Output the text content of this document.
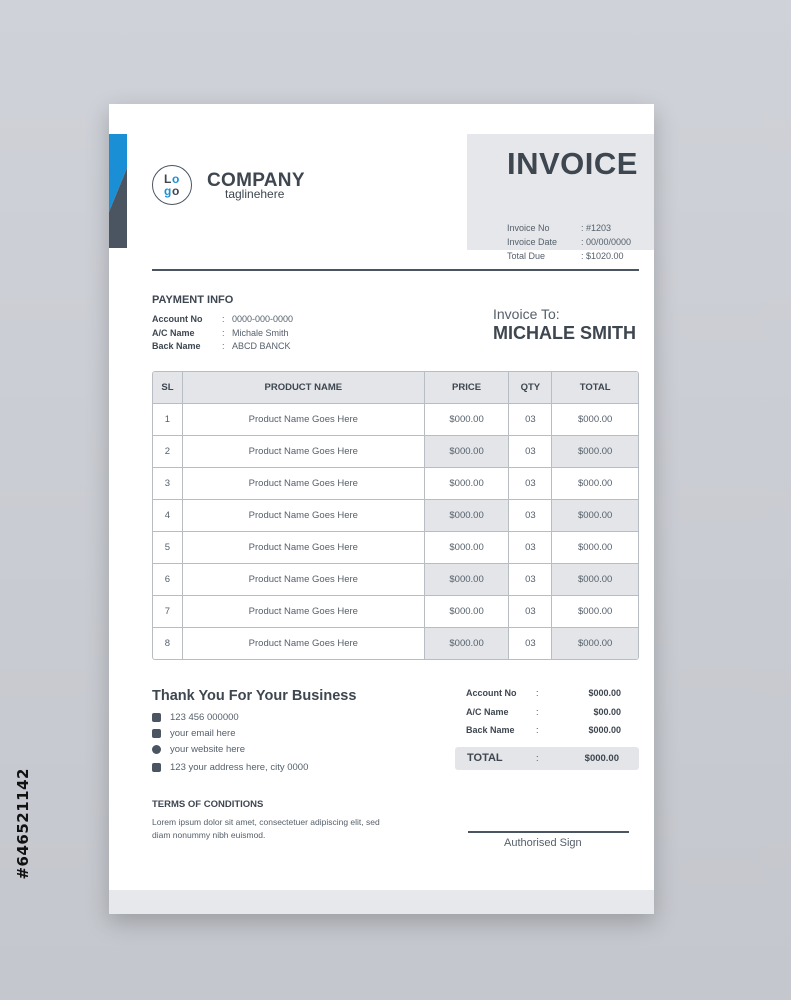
#646521142
L o
g o COMPANY
taglinehere
INVOICE
Invoice No	: #1203
Invoice Date	: 00/00/0000
Total Due	: $1020.00
PAYMENT INFO
Account No : 0000-000-0000
A/C Name	: Michale Smith
Back Name : ABCD BANCK
Invoice To:
MICHALE SMITH
SL	PRODUCT NAME	PRICE	QTY	TOTAL
1	Product Name Goes Here	$000.00	03	$000.00
2	Product Name Goes Here	$000.00	03	$000.00
3	Product Name Goes Here	$000.00	03	$000.00
4	Product Name Goes Here	$000.00	03	$000.00
5	Product Name Goes Here	$000.00	03	$000.00
6	Product Name Goes Here	$000.00	03	$000.00
7	Product Name Goes Here	$000.00	03	$000.00
8	Product Name Goes Here	$000.00	03	$000.00
Thank You For Your Business
123 456 000000
your email here
your website here
123 your address here, city 0000
TERMS OF CONDITIONS
Lorem ipsum dolor sit amet, consectetuer adipiscing elit, sed diam nonummy nibh euismod.
Account No :	$000.00
A/C Name	:	$00.00
Back Name :	$000.00
TOTAL	:	$000.00
Authorised Sign
